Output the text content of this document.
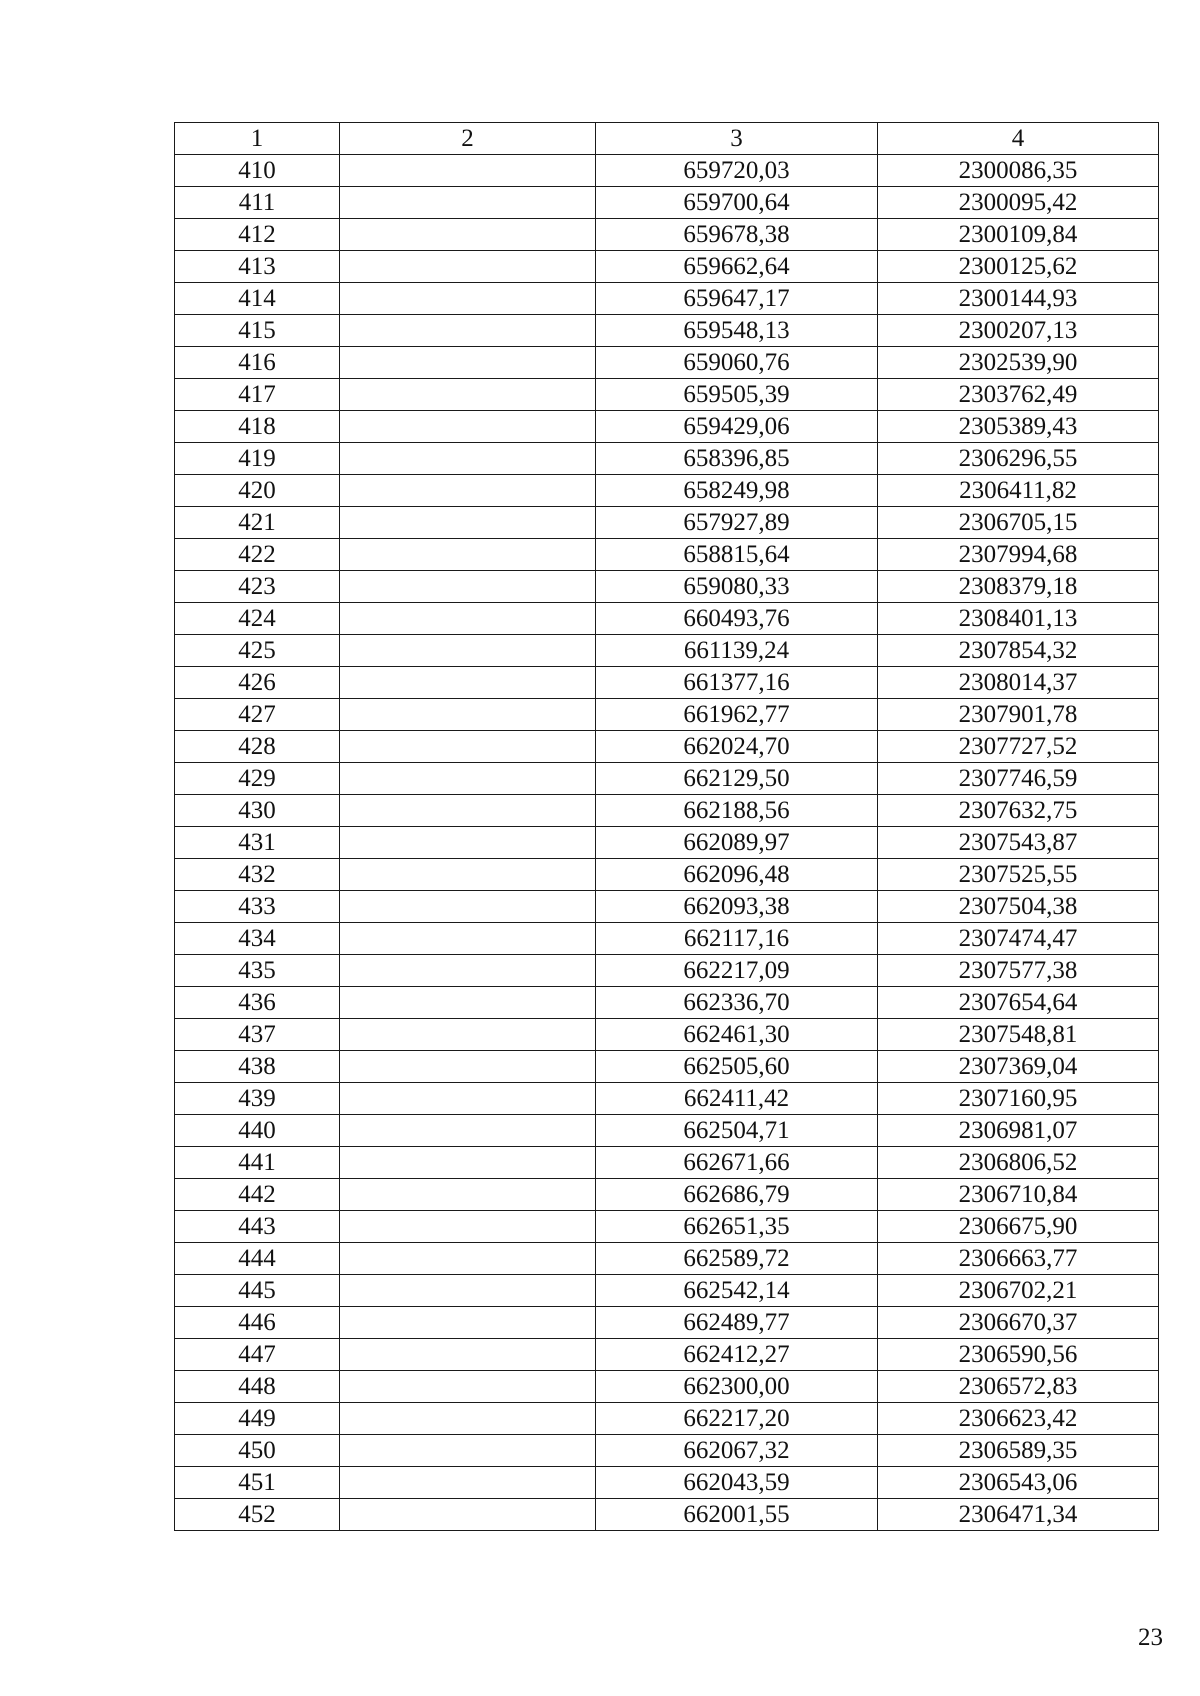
1	2	3	4
410		659720,03	2300086,35
411		659700,64	2300095,42
412		659678,38	2300109,84
413		659662,64	2300125,62
414		659647,17	2300144,93
415		659548,13	2300207,13
416		659060,76	2302539,90
417		659505,39	2303762,49
418		659429,06	2305389,43
419		658396,85	2306296,55
420		658249,98	2306411,82
421		657927,89	2306705,15
422		658815,64	2307994,68
423		659080,33	2308379,18
424		660493,76	2308401,13
425		661139,24	2307854,32
426		661377,16	2308014,37
427		661962,77	2307901,78
428		662024,70	2307727,52
429		662129,50	2307746,59
430		662188,56	2307632,75
431		662089,97	2307543,87
432		662096,48	2307525,55
433		662093,38	2307504,38
434		662117,16	2307474,47
435		662217,09	2307577,38
436		662336,70	2307654,64
437		662461,30	2307548,81
438		662505,60	2307369,04
439		662411,42	2307160,95
440		662504,71	2306981,07
441		662671,66	2306806,52
442		662686,79	2306710,84
443		662651,35	2306675,90
444		662589,72	2306663,77
445		662542,14	2306702,21
446		662489,77	2306670,37
447		662412,27	2306590,56
448		662300,00	2306572,83
449		662217,20	2306623,42
450		662067,32	2306589,35
451		662043,59	2306543,06
452		662001,55	2306471,34
23
